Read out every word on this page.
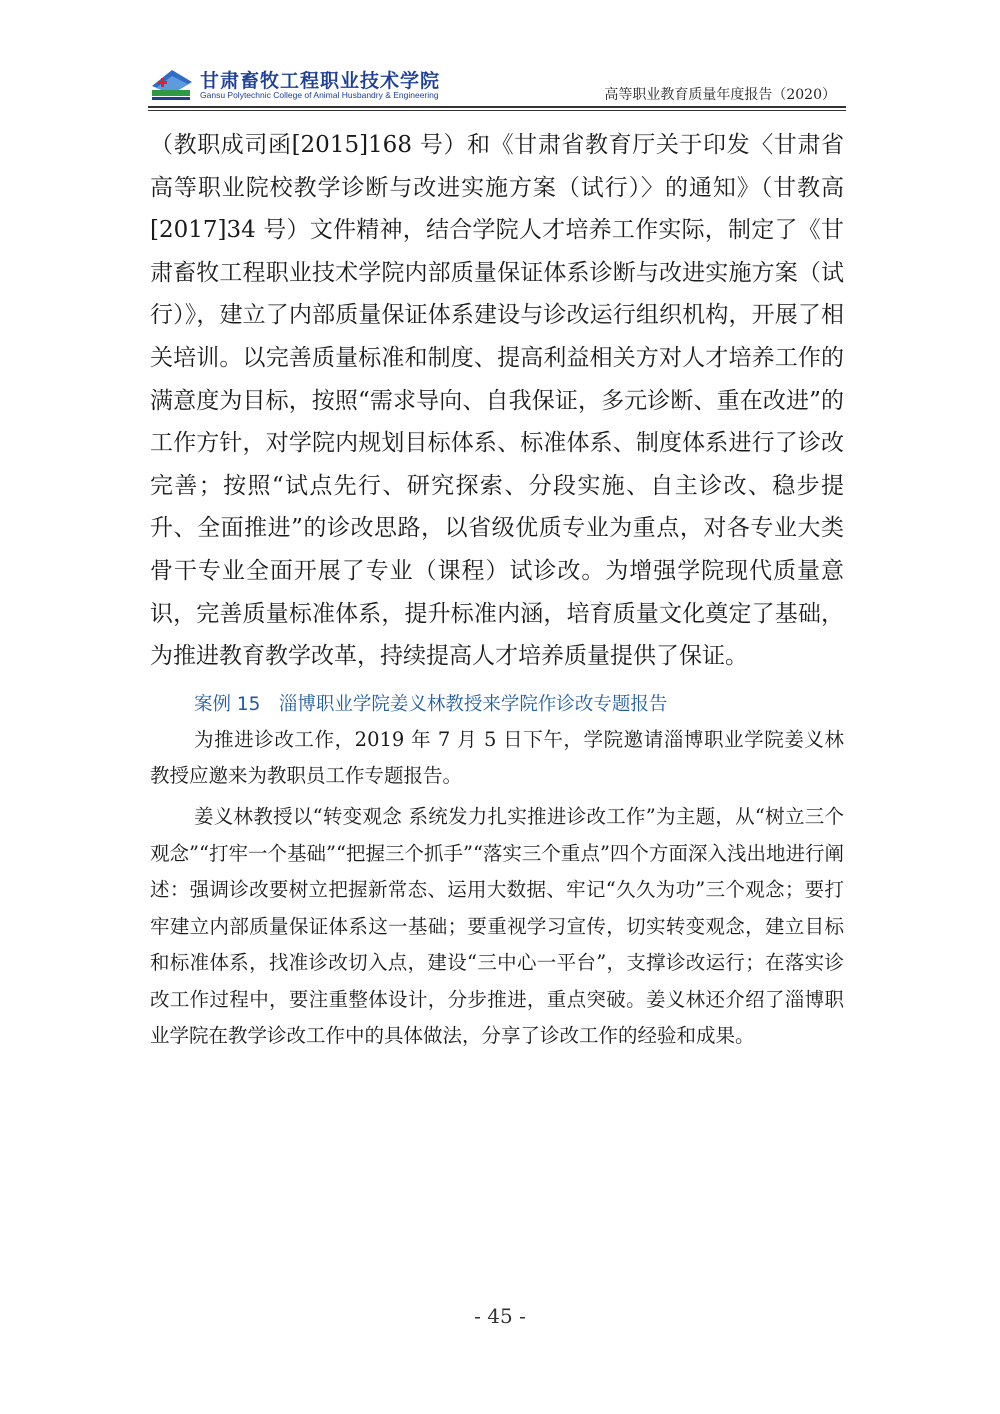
甘肃畜牧工程职业技术学院
Gansu Polytechnic College of Animal Husbandry & Engineering	高等职业教育质量年度报告（2020）

（教职成司函[2015]168 号）和《甘肃省教育厅关于印发〈甘肃省高等职业院校教学诊断与改进实施方案（试行）〉的通知》（甘教高[2017]34 号）文件精神，结合学院人才培养工作实际，制定了《甘肃畜牧工程职业技术学院内部质量保证体系诊断与改进实施方案（试行）》，建立了内部质量保证体系建设与诊改运行组织机构，开展了相关培训。以完善质量标准和制度、提高利益相关方对人才培养工作的满意度为目标，按照“需求导向、自我保证，多元诊断、重在改进”的工作方针，对学院内规划目标体系、标准体系、制度体系进行了诊改完善；按照“试点先行、研究探索、分段实施、自主诊改、稳步提升、全面推进”的诊改思路，以省级优质专业为重点，对各专业大类骨干专业全面开展了专业（课程）试诊改。为增强学院现代质量意识，完善质量标准体系，提升标准内涵，培育质量文化奠定了基础，为推进教育教学改革，持续提高人才培养质量提供了保证。

案例 15　淄博职业学院姜义林教授来学院作诊改专题报告

为推进诊改工作，2019 年 7 月 5 日下午，学院邀请淄博职业学院姜义林教授应邀来为教职员工作专题报告。

姜义林教授以“转变观念 系统发力扎实推进诊改工作”为主题，从“树立三个观念”“打牢一个基础”“把握三个抓手”“落实三个重点”四个方面深入浅出地进行阐述：强调诊改要树立把握新常态、运用大数据、牢记“久久为功”三个观念；要打牢建立内部质量保证体系这一基础；要重视学习宣传，切实转变观念，建立目标和标准体系，找准诊改切入点，建设“三中心一平台”，支撑诊改运行；在落实诊改工作过程中，要注重整体设计，分步推进，重点突破。姜义林还介绍了淄博职业学院在教学诊改工作中的具体做法，分享了诊改工作的经验和成果。

- 45 -
